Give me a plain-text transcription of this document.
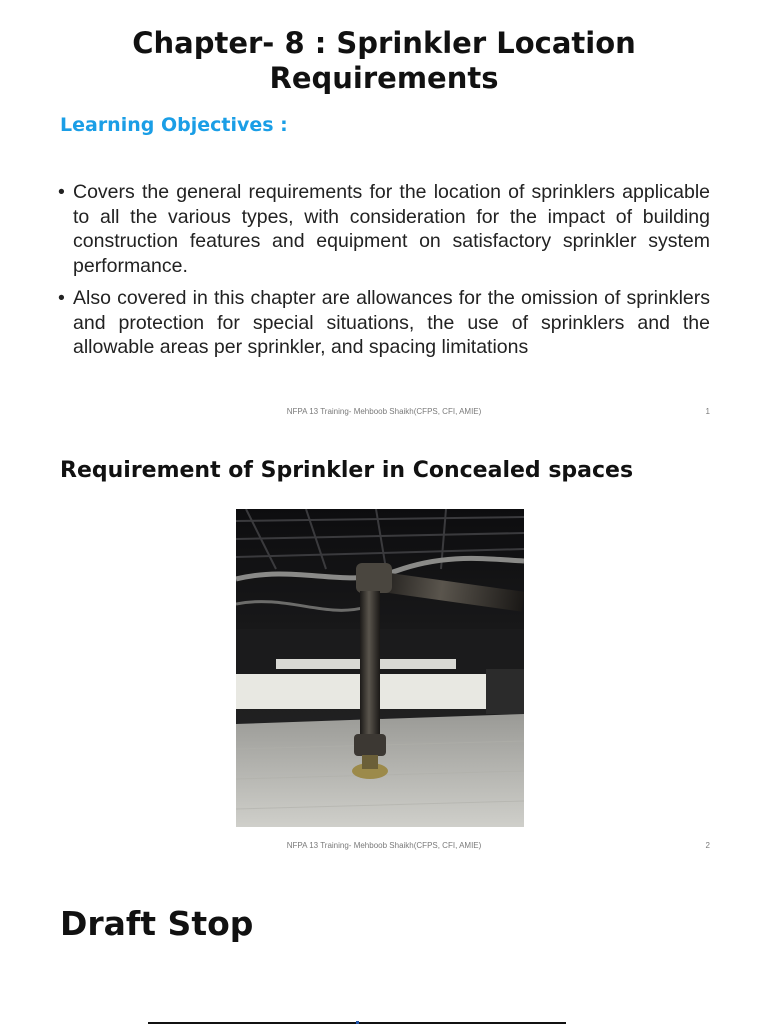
Chapter- 8 : Sprinkler Location Requirements
Learning Objectives :
• Covers the general requirements for the location of sprinklers applicable to all the various types, with consideration for the impact of building construction features and equipment on satisfactory sprinkler system performance.
• Also covered in this chapter are allowances for the omission of sprinklers and protection for special situations, the use of sprinklers and the allowable areas per sprinkler, and spacing limitations
NFPA 13 Training- Mehboob Shaikh(CFPS, CFI, AMIE)	1
Requirement of Sprinkler in Concealed spaces
NFPA 13 Training- Mehboob Shaikh(CFPS, CFI, AMIE)	2
Draft Stop
